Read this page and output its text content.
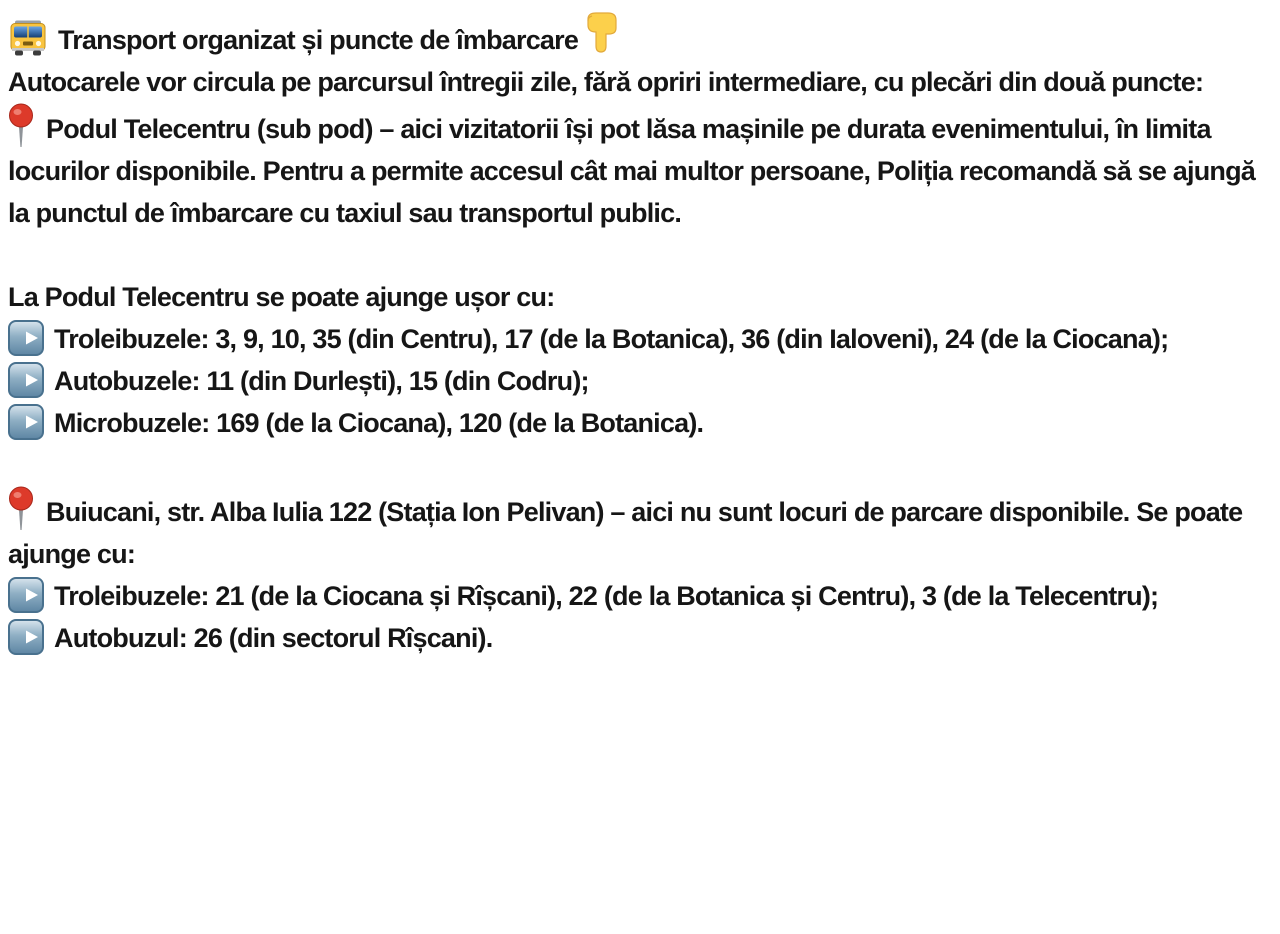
Transport organizat și puncte de îmbarcare

Autocarele vor circula pe parcursul întregii zile, fără opriri intermediare, cu plecări din două puncte:

Podul Telecentru (sub pod) – aici vizitatorii își pot lăsa mașinile pe durata evenimentului, în limita locurilor disponibile. Pentru a permite accesul cât mai multor persoane, Poliția recomandă să se ajungă la punctul de îmbarcare cu taxiul sau transportul public.

La Podul Telecentru se poate ajunge ușor cu:
Troleibuzele: 3, 9, 10, 35 (din Centru), 17 (de la Botanica), 36 (din Ialoveni), 24 (de la Ciocana);
Autobuzele: 11 (din Durlești), 15 (din Codru);
Microbuzele: 169 (de la Ciocana), 120 (de la Botanica).

Buiucani, str. Alba Iulia 122 (Stația Ion Pelivan) – aici nu sunt locuri de parcare disponibile. Se poate ajunge cu:

Troleibuzele: 21 (de la Ciocana și Rîșcani), 22 (de la Botanica și Centru), 3 (de la Telecentru);
Autobuzul: 26 (din sectorul Rîșcani).
